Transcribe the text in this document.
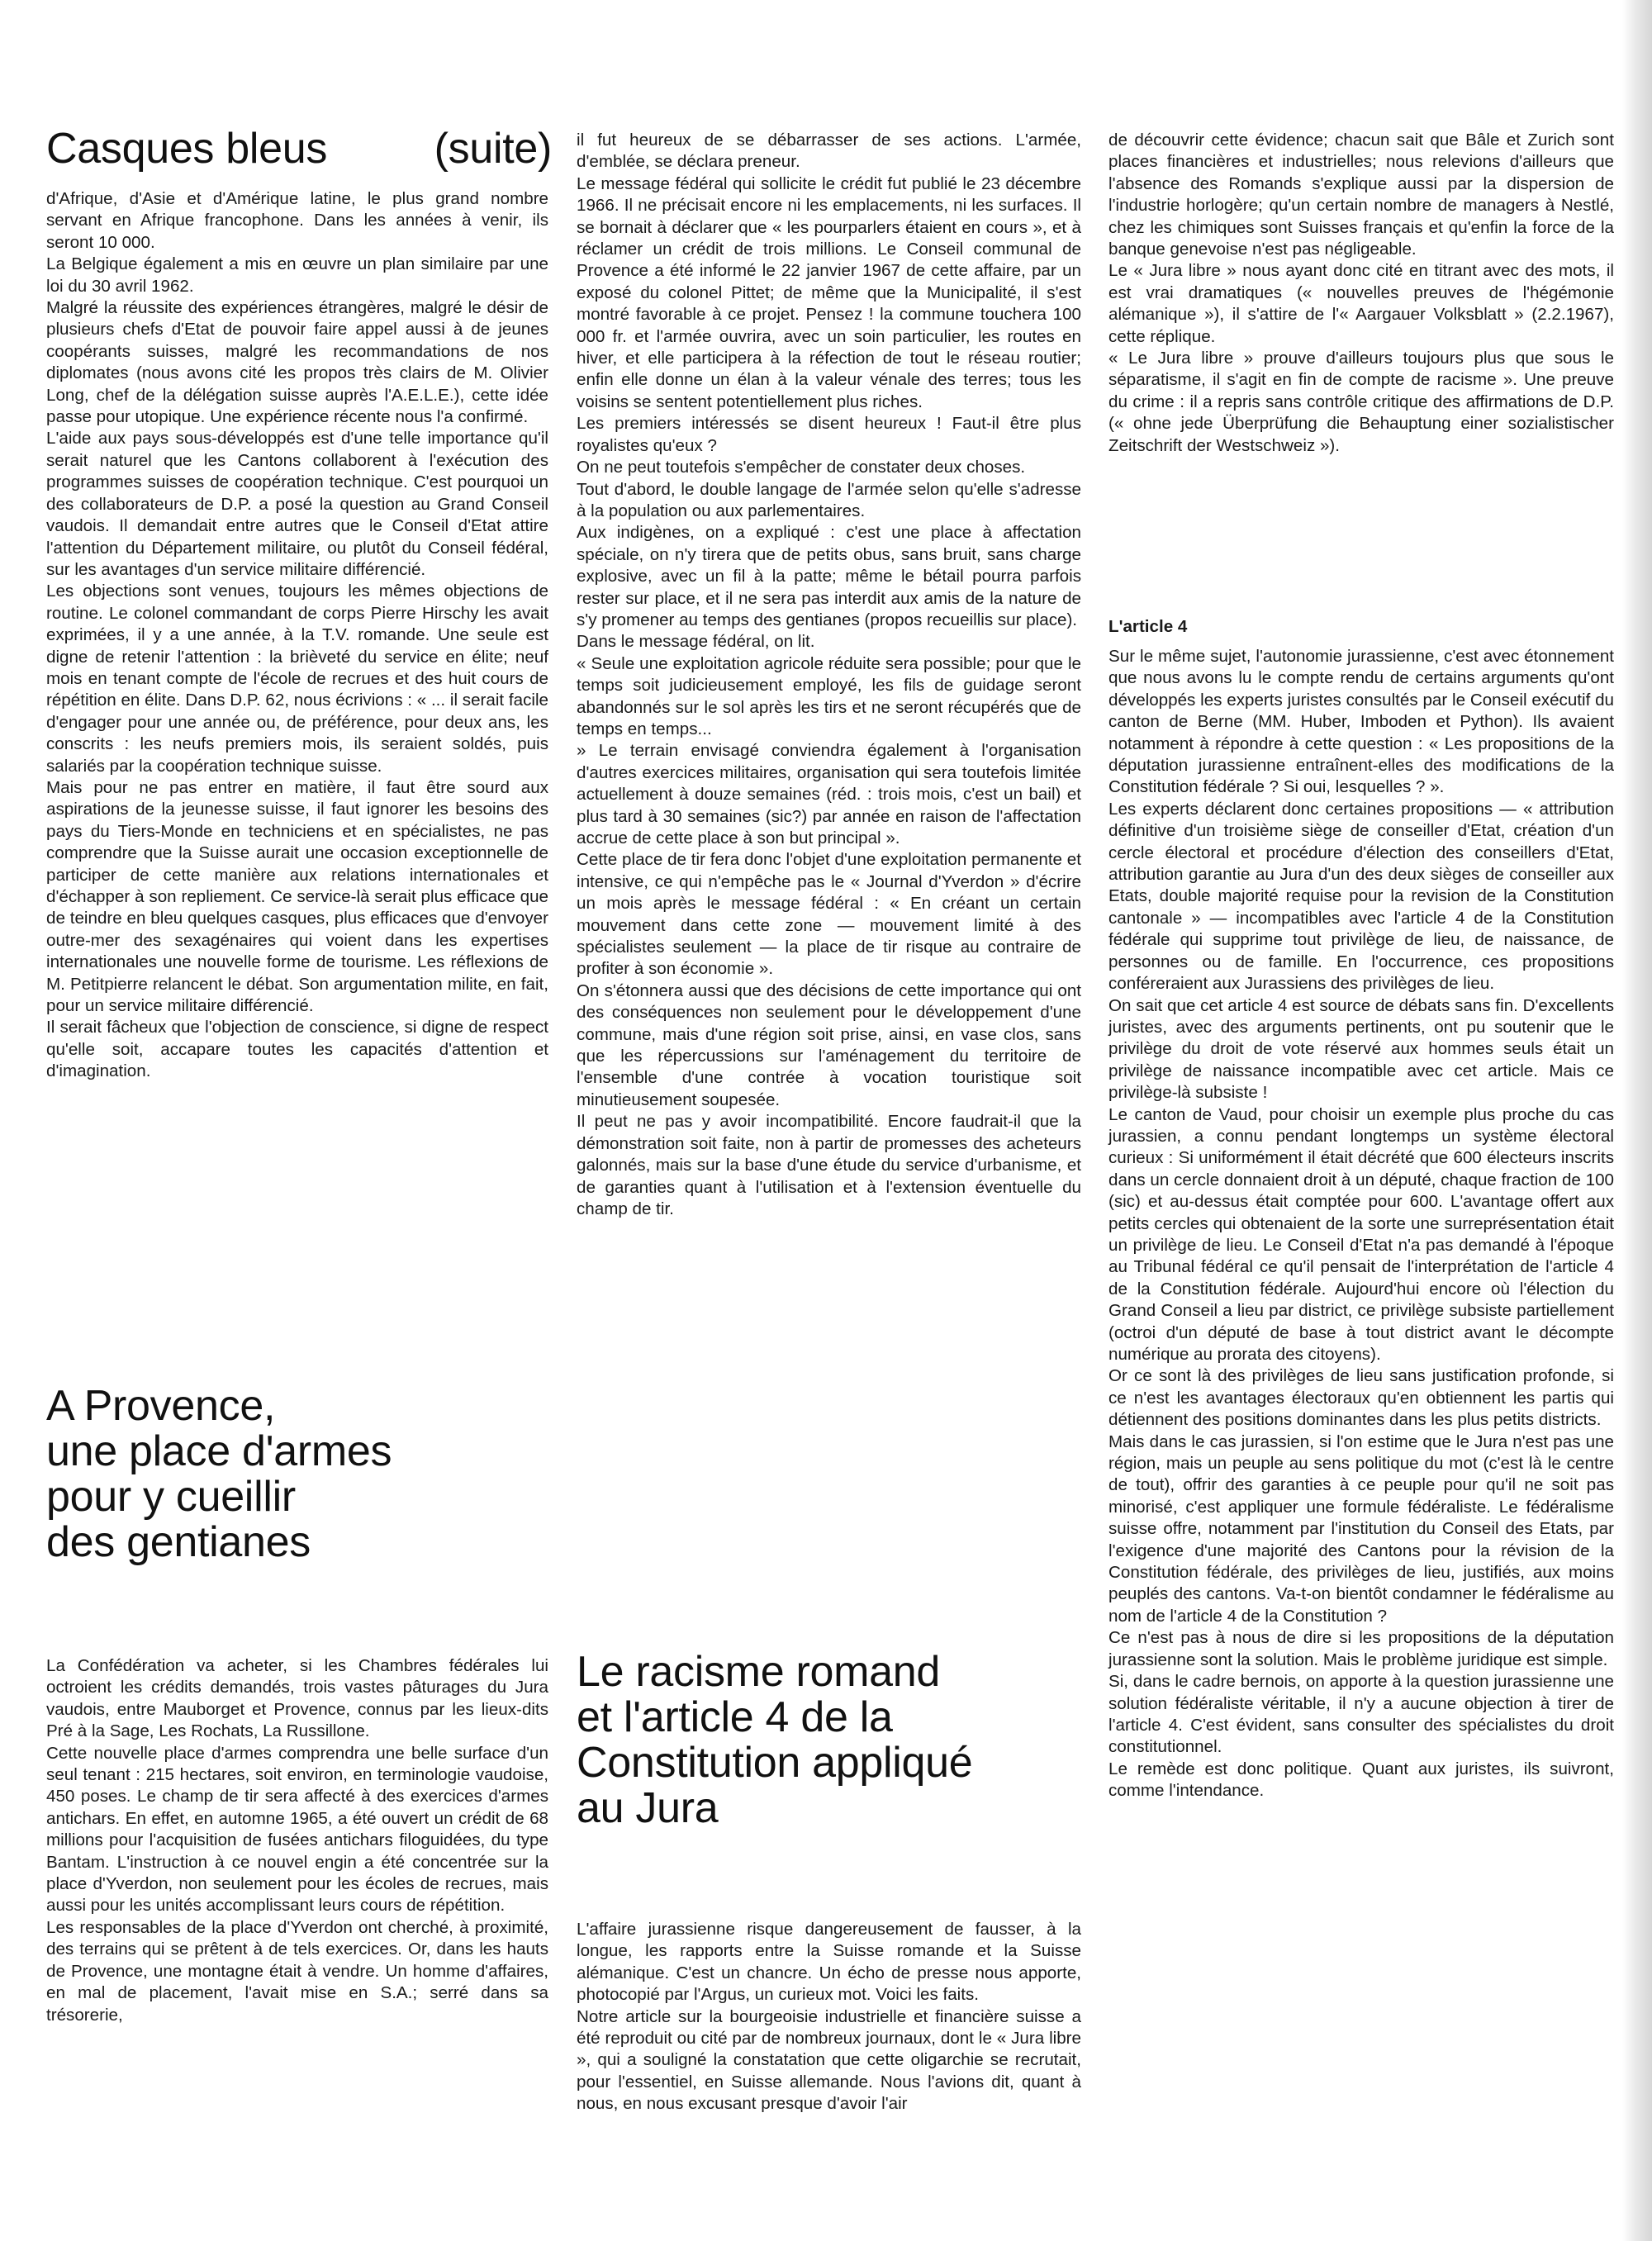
Casques bleus (suite)

d'Afrique, d'Asie et d'Amérique latine, le plus grand nombre servant en Afrique francophone. Dans les années à venir, ils seront 10 000.

La Belgique également a mis en œuvre un plan similaire par une loi du 30 avril 1962.

Malgré la réussite des expériences étrangères, malgré le désir de plusieurs chefs d'Etat de pouvoir faire appel aussi à de jeunes coopérants suisses, malgré les recommandations de nos diplomates (nous avons cité les propos très clairs de M. Olivier Long, chef de la délégation suisse auprès l'A.E.L.E.), cette idée passe pour utopique. Une expérience récente nous l'a confirmé.

L'aide aux pays sous-développés est d'une telle importance qu'il serait naturel que les Cantons collaborent à l'exécution des programmes suisses de coopération technique. C'est pourquoi un des collaborateurs de D.P. a posé la question au Grand Conseil vaudois. Il demandait entre autres que le Conseil d'Etat attire l'attention du Département militaire, ou plutôt du Conseil fédéral, sur les avantages d'un service militaire différencié.

Les objections sont venues, toujours les mêmes objections de routine. Le colonel commandant de corps Pierre Hirschy les avait exprimées, il y a une année, à la T.V. romande. Une seule est digne de retenir l'attention : la brièveté du service en élite; neuf mois en tenant compte de l'école de recrues et des huit cours de répétition en élite. Dans D.P. 62, nous écrivions : « ... il serait facile d'engager pour une année ou, de préférence, pour deux ans, les conscrits : les neufs premiers mois, ils seraient soldés, puis salariés par la coopération technique suisse.

Mais pour ne pas entrer en matière, il faut être sourd aux aspirations de la jeunesse suisse, il faut ignorer les besoins des pays du Tiers-Monde en techniciens et en spécialistes, ne pas comprendre que la Suisse aurait une occasion exceptionnelle de participer de cette manière aux relations internationales et d'échapper à son repliement. Ce service-là serait plus efficace que de teindre en bleu quelques casques, plus efficaces que d'envoyer outre-mer des sexagénaires qui voient dans les expertises internationales une nouvelle forme de tourisme. Les réflexions de M. Petitpierre relancent le débat. Son argumentation milite, en fait, pour un service militaire différencié.

Il serait fâcheux que l'objection de conscience, si digne de respect qu'elle soit, accapare toutes les capacités d'attention et d'imagination.

A Provence,
une place d'armes
pour y cueillir
des gentianes

La Confédération va acheter, si les Chambres fédérales lui octroient les crédits demandés, trois vastes pâturages du Jura vaudois, entre Mauborget et Provence, connus par les lieux-dits Pré à la Sage, Les Rochats, La Russillone.

Cette nouvelle place d'armes comprendra une belle surface d'un seul tenant : 215 hectares, soit environ, en terminologie vaudoise, 450 poses. Le champ de tir sera affecté à des exercices d'armes antichars. En effet, en automne 1965, a été ouvert un crédit de 68 millions pour l'acquisition de fusées antichars filoguidées, du type Bantam. L'instruction à ce nouvel engin a été concentrée sur la place d'Yverdon, non seulement pour les écoles de recrues, mais aussi pour les unités accomplissant leurs cours de répétition.

Les responsables de la place d'Yverdon ont cherché, à proximité, des terrains qui se prêtent à de tels exercices. Or, dans les hauts de Provence, une montagne était à vendre. Un homme d'affaires, en mal de placement, l'avait mise en S.A.; serré dans sa trésorerie,

il fut heureux de se débarrasser de ses actions. L'armée, d'emblée, se déclara preneur.

Le message fédéral qui sollicite le crédit fut publié le 23 décembre 1966. Il ne précisait encore ni les emplacements, ni les surfaces. Il se bornait à déclarer que « les pourparlers étaient en cours », et à réclamer un crédit de trois millions. Le Conseil communal de Provence a été informé le 22 janvier 1967 de cette affaire, par un exposé du colonel Pittet; de même que la Municipalité, il s'est montré favorable à ce projet. Pensez ! la commune touchera 100 000 fr. et l'armée ouvrira, avec un soin particulier, les routes en hiver, et elle participera à la réfection de tout le réseau routier; enfin elle donne un élan à la valeur vénale des terres; tous les voisins se sentent potentiellement plus riches.

Les premiers intéressés se disent heureux ! Faut-il être plus royalistes qu'eux ?

On ne peut toutefois s'empêcher de constater deux choses.

Tout d'abord, le double langage de l'armée selon qu'elle s'adresse à la population ou aux parlementaires.

Aux indigènes, on a expliqué : c'est une place à affectation spéciale, on n'y tirera que de petits obus, sans bruit, sans charge explosive, avec un fil à la patte; même le bétail pourra parfois rester sur place, et il ne sera pas interdit aux amis de la nature de s'y promener au temps des gentianes (propos recueillis sur place).

Dans le message fédéral, on lit.

« Seule une exploitation agricole réduite sera possible; pour que le temps soit judicieusement employé, les fils de guidage seront abandonnés sur le sol après les tirs et ne seront récupérés que de temps en temps...

» Le terrain envisagé conviendra également à l'organisation d'autres exercices militaires, organisation qui sera toutefois limitée actuellement à douze semaines (réd. : trois mois, c'est un bail) et plus tard à 30 semaines (sic?) par année en raison de l'affectation accrue de cette place à son but principal ».

Cette place de tir fera donc l'objet d'une exploitation permanente et intensive, ce qui n'empêche pas le « Journal d'Yverdon » d'écrire un mois après le message fédéral : « En créant un certain mouvement dans cette zone — mouvement limité à des spécialistes seulement — la place de tir risque au contraire de profiter à son économie ».

On s'étonnera aussi que des décisions de cette importance qui ont des conséquences non seulement pour le développement d'une commune, mais d'une région soit prise, ainsi, en vase clos, sans que les répercussions sur l'aménagement du territoire de l'ensemble d'une contrée à vocation touristique soit minutieusement soupesée.

Il peut ne pas y avoir incompatibilité. Encore faudrait-il que la démonstration soit faite, non à partir de promesses des acheteurs galonnés, mais sur la base d'une étude du service d'urbanisme, et de garanties quant à l'utilisation et à l'extension éventuelle du champ de tir.

Le racisme romand
et l'article 4 de la
Constitution appliqué
au Jura

L'affaire jurassienne risque dangereusement de fausser, à la longue, les rapports entre la Suisse romande et la Suisse alémanique. C'est un chancre. Un écho de presse nous apporte, photocopié par l'Argus, un curieux mot. Voici les faits.

Notre article sur la bourgeoisie industrielle et financière suisse a été reproduit ou cité par de nombreux journaux, dont le « Jura libre », qui a souligné la constatation que cette oligarchie se recrutait, pour l'essentiel, en Suisse allemande. Nous l'avions dit, quant à nous, en nous excusant presque d'avoir l'air

de découvrir cette évidence; chacun sait que Bâle et Zurich sont places financières et industrielles; nous relevions d'ailleurs que l'absence des Romands s'explique aussi par la dispersion de l'industrie horlogère; qu'un certain nombre de managers à Nestlé, chez les chimiques sont Suisses français et qu'enfin la force de la banque genevoise n'est pas négligeable.

Le « Jura libre » nous ayant donc cité en titrant avec des mots, il est vrai dramatiques (« nouvelles preuves de l'hégémonie alémanique »), il s'attire de l'« Aargauer Volksblatt » (2.2.1967), cette réplique.

« Le Jura libre » prouve d'ailleurs toujours plus que sous le séparatisme, il s'agit en fin de compte de racisme ». Une preuve du crime : il a repris sans contrôle critique des affirmations de D.P. (« ohne jede Überprüfung die Behauptung einer sozialistischer Zeitschrift der Westschweiz »).

L'article 4

Sur le même sujet, l'autonomie jurassienne, c'est avec étonnement que nous avons lu le compte rendu de certains arguments qu'ont développés les experts juristes consultés par le Conseil exécutif du canton de Berne (MM. Huber, Imboden et Python). Ils avaient notamment à répondre à cette question : « Les propositions de la députation jurassienne entraînent-elles des modifications de la Constitution fédérale ? Si oui, lesquelles ? ».

Les experts déclarent donc certaines propositions — « attribution définitive d'un troisième siège de conseiller d'Etat, création d'un cercle électoral et procédure d'élection des conseillers d'Etat, attribution garantie au Jura d'un des deux sièges de conseiller aux Etats, double majorité requise pour la revision de la Constitution cantonale » — incompatibles avec l'article 4 de la Constitution fédérale qui supprime tout privilège de lieu, de naissance, de personnes ou de famille. En l'occurrence, ces propositions conféreraient aux Jurassiens des privilèges de lieu.

On sait que cet article 4 est source de débats sans fin. D'excellents juristes, avec des arguments pertinents, ont pu soutenir que le privilège du droit de vote réservé aux hommes seuls était un privilège de naissance incompatible avec cet article. Mais ce privilège-là subsiste !

Le canton de Vaud, pour choisir un exemple plus proche du cas jurassien, a connu pendant longtemps un système électoral curieux : Si uniformément il était décrété que 600 électeurs inscrits dans un cercle donnaient droit à un député, chaque fraction de 100 (sic) et au-dessus était comptée pour 600. L'avantage offert aux petits cercles qui obtenaient de la sorte une surreprésentation était un privilège de lieu. Le Conseil d'Etat n'a pas demandé à l'époque au Tribunal fédéral ce qu'il pensait de l'interprétation de l'article 4 de la Constitution fédérale. Aujourd'hui encore où l'élection du Grand Conseil a lieu par district, ce privilège subsiste partiellement (octroi d'un député de base à tout district avant le décompte numérique au prorata des citoyens).

Or ce sont là des privilèges de lieu sans justification profonde, si ce n'est les avantages électoraux qu'en obtiennent les partis qui détiennent des positions dominantes dans les plus petits districts.

Mais dans le cas jurassien, si l'on estime que le Jura n'est pas une région, mais un peuple au sens politique du mot (c'est là le centre de tout), offrir des garanties à ce peuple pour qu'il ne soit pas minorisé, c'est appliquer une formule fédéraliste. Le fédéralisme suisse offre, notamment par l'institution du Conseil des Etats, par l'exigence d'une majorité des Cantons pour la révision de la Constitution fédérale, des privilèges de lieu, justifiés, aux moins peuplés des cantons. Va-t-on bientôt condamner le fédéralisme au nom de l'article 4 de la Constitution ?

Ce n'est pas à nous de dire si les propositions de la députation jurassienne sont la solution. Mais le problème juridique est simple.

Si, dans le cadre bernois, on apporte à la question jurassienne une solution fédéraliste véritable, il n'y a aucune objection à tirer de l'article 4. C'est évident, sans consulter des spécialistes du droit constitutionnel.

Le remède est donc politique. Quant aux juristes, ils suivront, comme l'intendance.
